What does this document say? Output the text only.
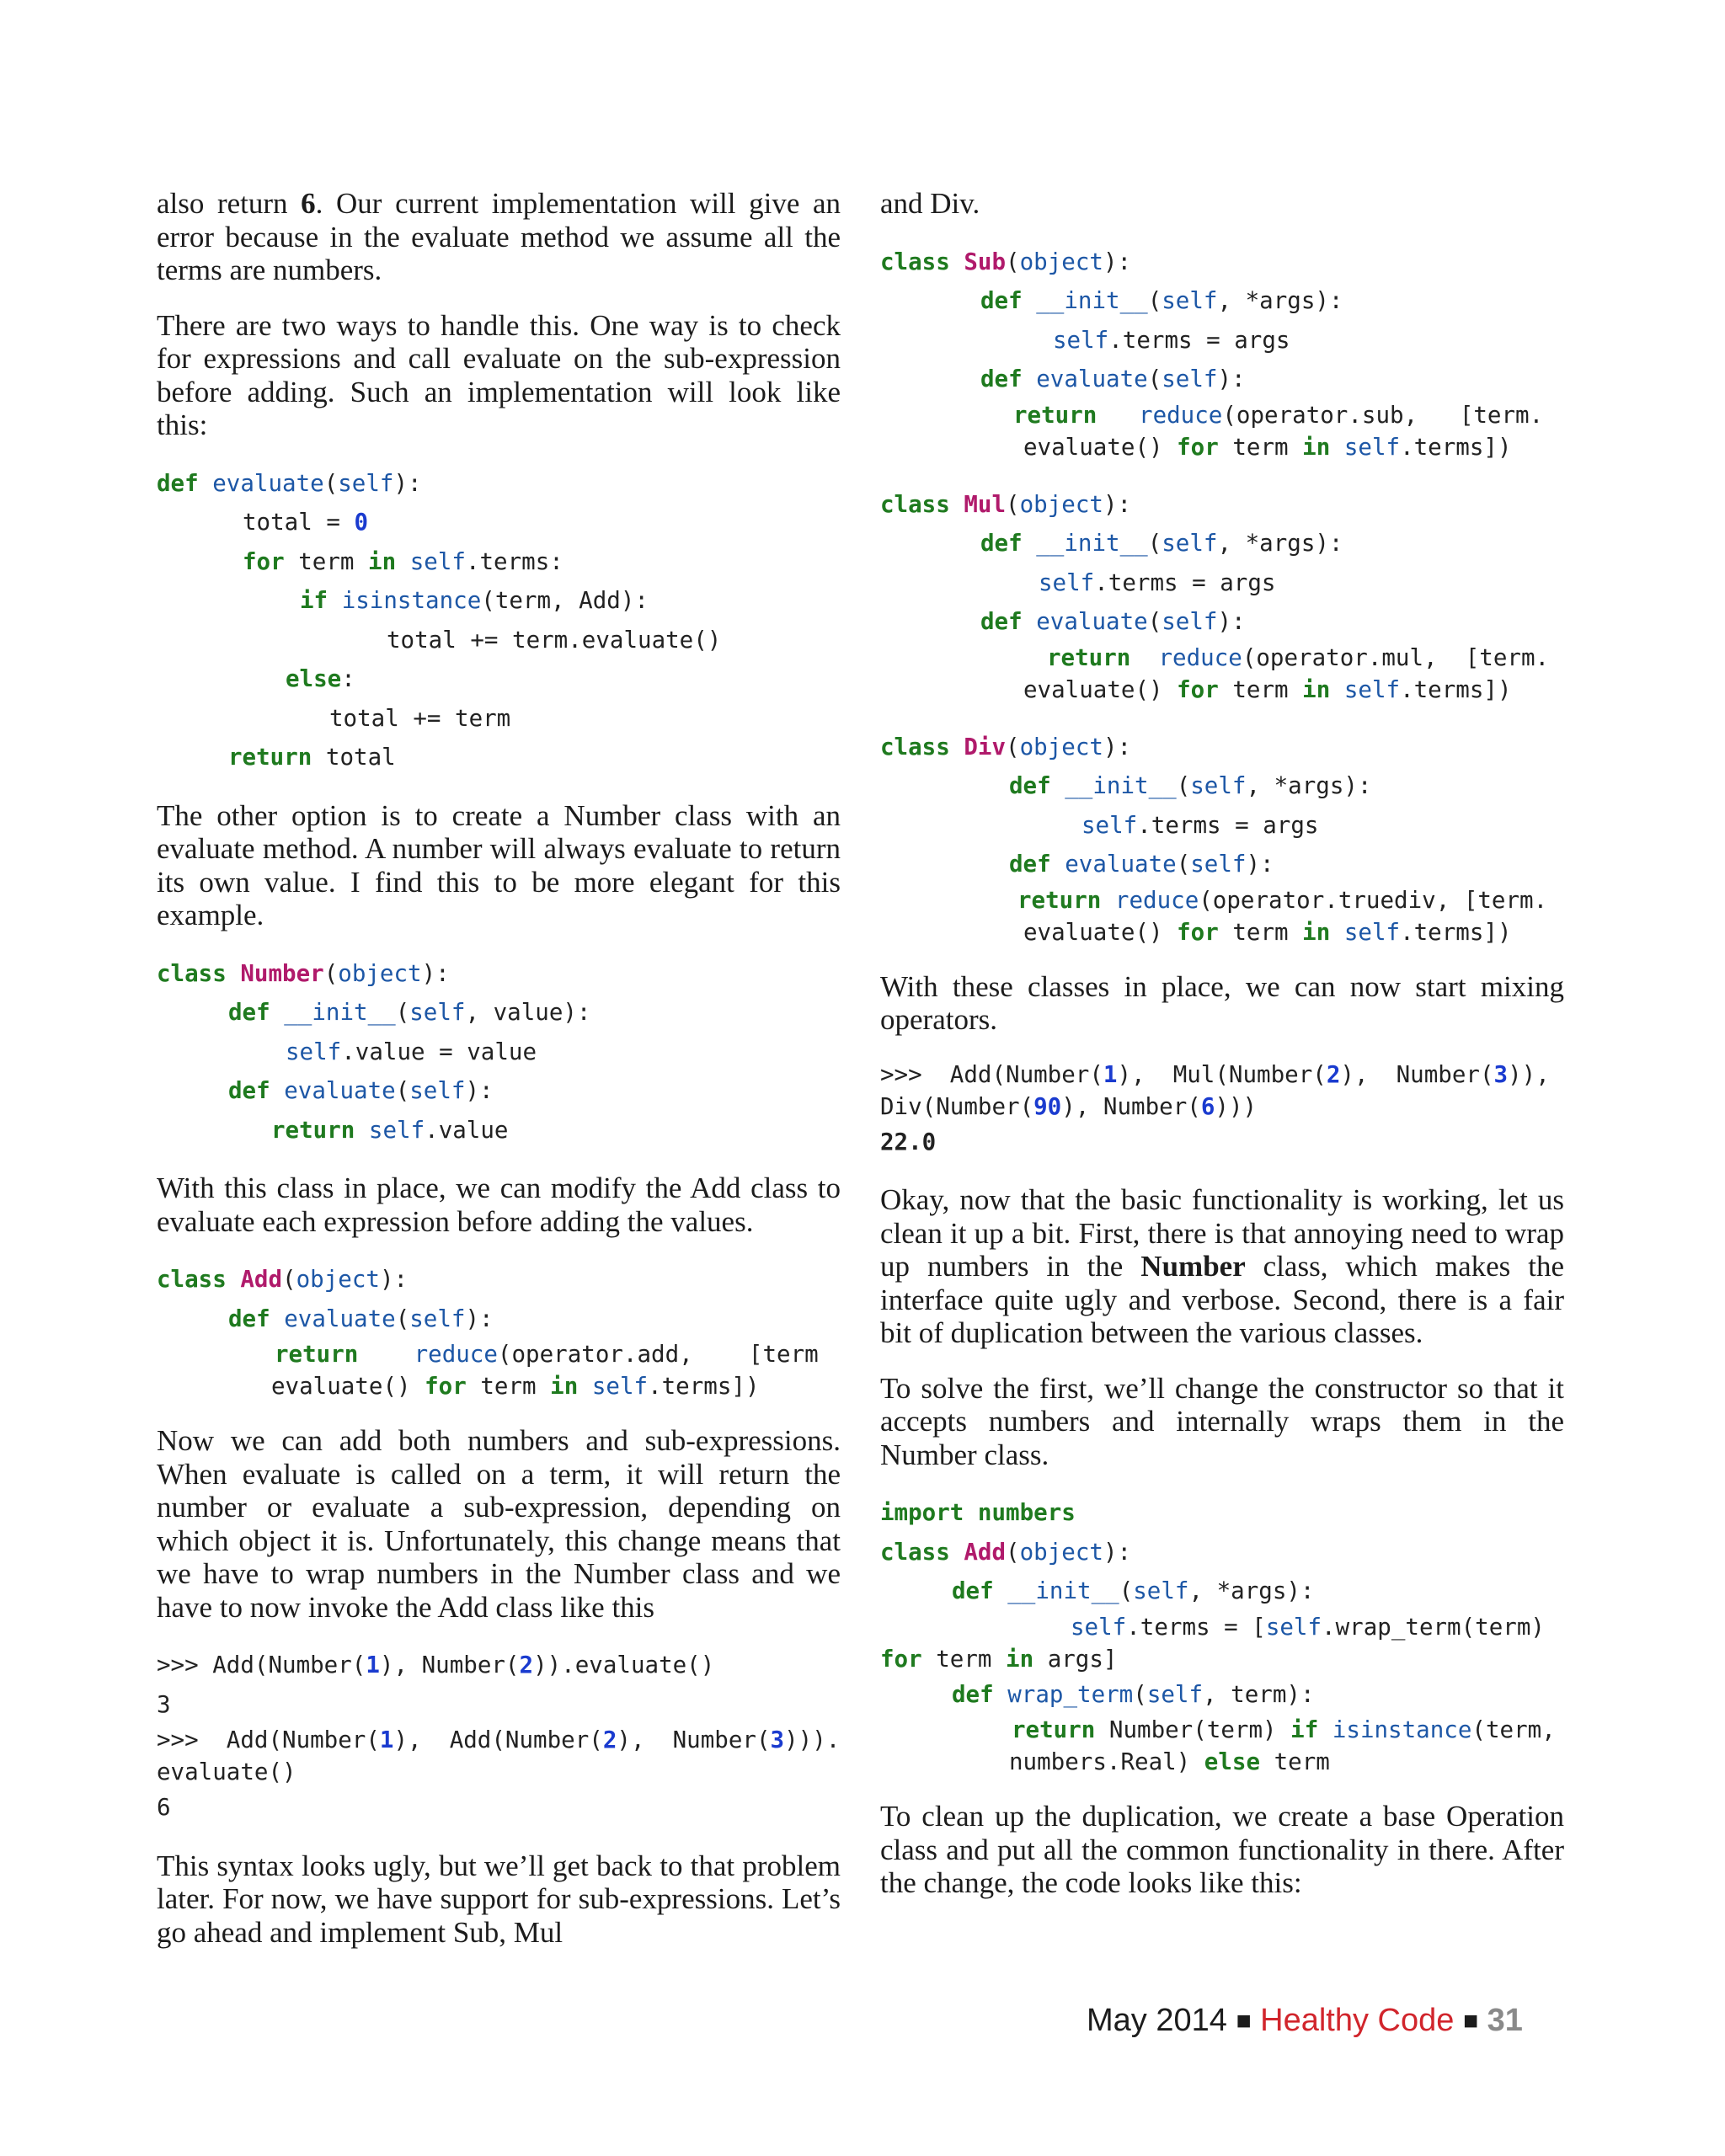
also return 6. Our current implementation will give an error because in the evaluate method we assume all the terms are numbers.

There are two ways to handle this. One way is to check for expressions and call evaluate on the sub-expression before adding. Such an implementation will look like this:

def evaluate(self):
total = 0
for term in self.terms:
if isinstance(term, Add):
total += term.evaluate()
else:
total += term
return total

The other option is to create a Number class with an evaluate method. A number will always evaluate to return its own value. I find this to be more elegant for this example.

class Number(object):
def __init__(self, value):
self.value = value
def evaluate(self):
return self.value

With this class in place, we can modify the Add class to evaluate each expression before adding the values.

class Add(object):
def evaluate(self):
return reduce(operator.add,    [term
evaluate() for term in self.terms])

Now we can add both numbers and sub-expressions. When evaluate is called on a term, it will return the number or evaluate a sub-expression, depending on which object it is. Unfortunately, this change means that we have to wrap numbers in the Number class and we have to now invoke the Add class like this

>>> Add(Number(1), Number(2)).evaluate()
3
>>>  Add(Number(1),  Add(Number(2),  Number(3))).
evaluate()
6

This syntax looks ugly, but we’ll get back to that problem later. For now, we have support for sub-expressions. Let’s go ahead and implement Sub, Mul

and Div.

class Sub(object):
def __init__(self, *args):
self.terms = args
def evaluate(self):
return reduce(operator.sub,   [term.
evaluate() for term in self.terms])
class Mul(object):
def __init__(self, *args):
self.terms = args
def evaluate(self):
return reduce(operator.mul,  [term.
evaluate() for term in self.terms])
class Div(object):
def __init__(self, *args):
self.terms = args
def evaluate(self):
return reduce(operator.truediv, [term.
evaluate() for term in self.terms])

With these classes in place, we can now start mixing operators.

>>>  Add(Number(1),  Mul(Number(2),  Number(3)),
Div(Number(90), Number(6)))
22.0

Okay, now that the basic functionality is working, let us clean it up a bit. First, there is that annoying need to wrap up numbers in the Number class, which makes the interface quite ugly and verbose. Second, there is a fair bit of duplication between the various classes.

To solve the first, we’ll change the constructor so that it accepts numbers and internally wraps them in the Number class.

import numbers
class Add(object):
def __init__(self, *args):
self.terms = [self.wrap_term(term)
for term in args]
def wrap_term(self, term):
return Number(term) if isinstance(term,
numbers.Real) else term

To clean up the duplication, we create a base Operation class and put all the common functionality in there. After the change, the code looks like this:

May 2014 ■ Healthy Code ■ 31
